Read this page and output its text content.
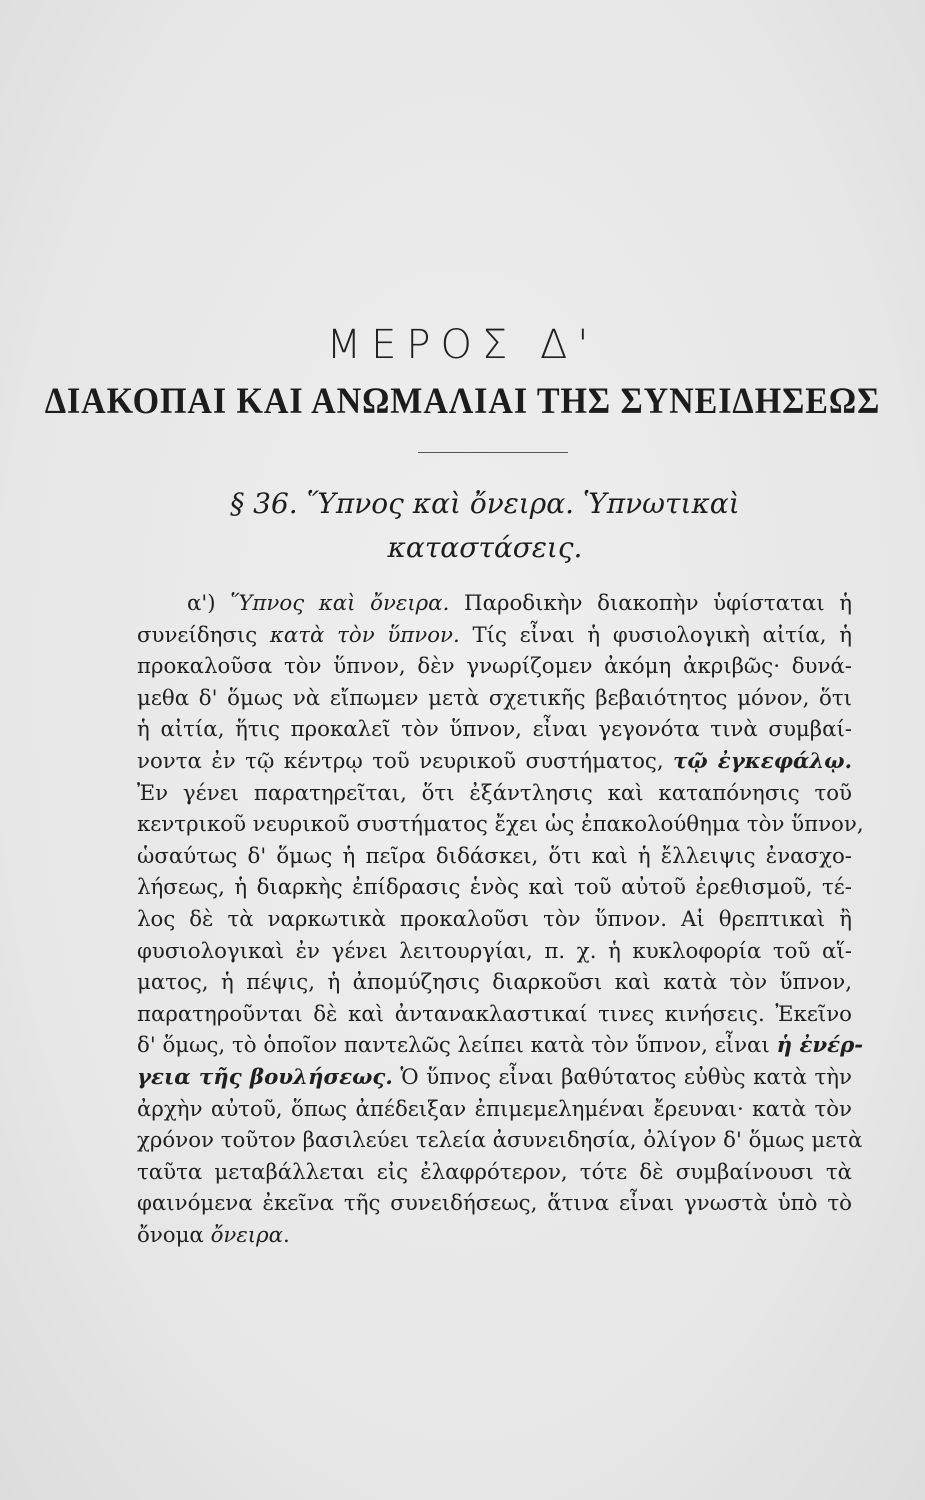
ΜΕΡΟΣ Δ'
ΔΙΑΚΟΠΑΙ ΚΑΙ ΑΝΩΜΑΛΙΑΙ ΤΗΣ ΣΥΝΕΙΔΗΣΕΩΣ
§ 36. Ὕπνος καὶ ὄνειρα. Ὑπνωτικαὶ
καταστάσεις.
α') Ὕπνος καὶ ὄνειρα. Παροδικὴν διακοπὴν ὑφίσταται ἡ
συνείδησις κατὰ τὸν ὕπνον. Τίς εἶναι ἡ φυσιολογικὴ αἰτία, ἡ
προκαλοῦσα τὸν ὕπνον, δὲν γνωρίζομεν ἀκόμη ἀκριβῶς· δυνά-
μεθα δ' ὅμως νὰ εἴπωμεν μετὰ σχετικῆς βεβαιότητος μόνον, ὅτι
ἡ αἰτία, ἥτις προκαλεῖ τὸν ὕπνον, εἶναι γεγονότα τινὰ συμβαί-
νοντα ἐν τῷ κέντρῳ τοῦ νευρικοῦ συστήματος, τῷ ἐγκεφάλῳ.
Ἐν γένει παρατηρεῖται, ὅτι ἐξάντλησις καὶ καταπόνησις τοῦ
κεντρικοῦ νευρικοῦ συστήματος ἔχει ὡς ἐπακολούθημα τὸν ὕπνον,
ὡσαύτως δ' ὅμως ἡ πεῖρα διδάσκει, ὅτι καὶ ἡ ἔλλειψις ἐνασχο-
λήσεως, ἡ διαρκὴς ἐπίδρασις ἑνὸς καὶ τοῦ αὐτοῦ ἐρεθισμοῦ, τέ-
λος δὲ τὰ ναρκωτικὰ προκαλοῦσι τὸν ὕπνον. Αἱ θρεπτικαὶ ἢ
φυσιολογικαὶ ἐν γένει λειτουργίαι, π. χ. ἡ κυκλοφορία τοῦ αἵ-
ματος, ἡ πέψις, ἡ ἀπομύζησις διαρκοῦσι καὶ κατὰ τὸν ὕπνον,
παρατηροῦνται δὲ καὶ ἀντανακλαστικαί τινες κινήσεις. Ἐκεῖνο
δ' ὅμως, τὸ ὁποῖον παντελῶς λείπει κατὰ τὸν ὕπνον, εἶναι ἡ ἐνέρ-
γεια τῆς βουλήσεως. Ὁ ὕπνος εἶναι βαθύτατος εὐθὺς κατὰ τὴν
ἀρχὴν αὐτοῦ, ὅπως ἀπέδειξαν ἐπιμεμελημέναι ἔρευναι· κατὰ τὸν
χρόνον τοῦτον βασιλεύει τελεία ἀσυνειδησία, ὀλίγον δ' ὅμως μετὰ
ταῦτα μεταβάλλεται εἰς ἐλαφρότερον, τότε δὲ συμβαίνουσι τὰ
φαινόμενα ἐκεῖνα τῆς συνειδήσεως, ἅτινα εἶναι γνωστὰ ὑπὸ τὸ
ὄνομα ὄνειρα.
